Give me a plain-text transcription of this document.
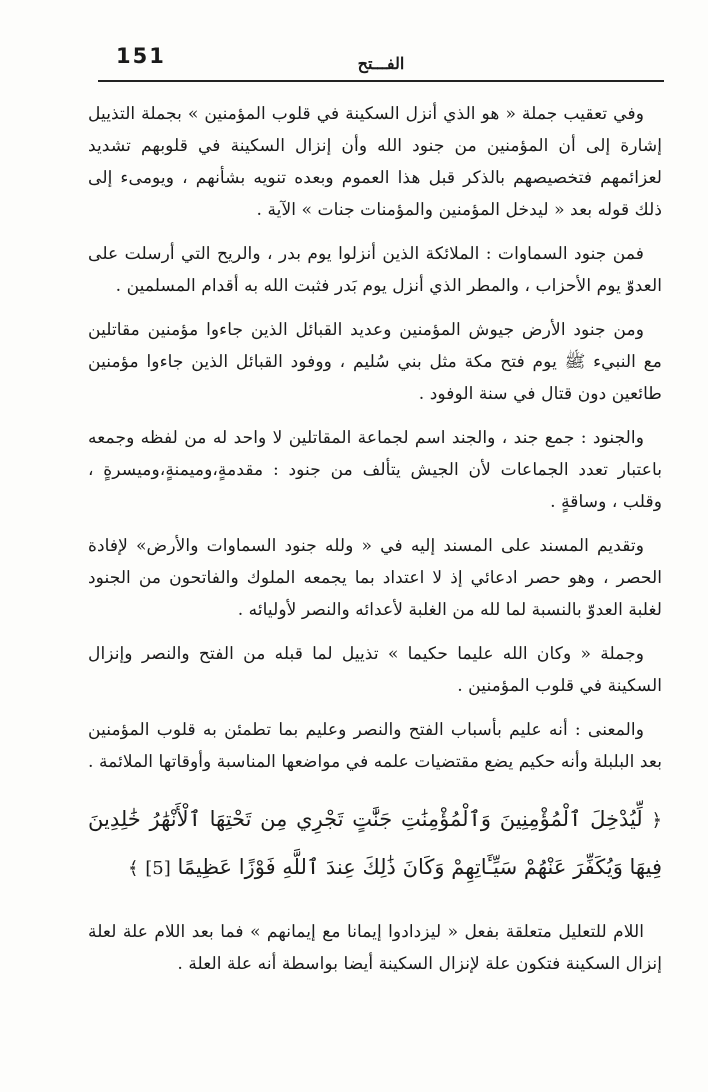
151	الفـــتح

وفي تعقيب جملة « هو الذي أنزل السكينة في قلوب المؤمنين » بجملة التذييل إشارة إلى أن المؤمنين من جنود الله وأن إنزال السكينة في قلوبهم تشديد لعزائمهم فتخصيصهم بالذكر قبل هذا العموم وبعده تنويه بشأنهم ، ويومىء إلى ذلك قوله بعد « ليدخل المؤمنين والمؤمنات جنات » الآية .

فمن جنود السماوات : الملائكة الذين أنزلوا يوم بدر ، والريح التي أرسلت على العدوّ يوم الأحزاب ، والمطر الذي أنزل يوم بَدر فثبت الله به أقدام المسلمين .

ومن جنود الأرض جيوش المؤمنين وعديد القبائل الذين جاءوا مؤمنين مقاتلين مع النبيء ﷺ يوم فتح مكة مثل بني سُليم ، ووفود القبائل الذين جاءوا مؤمنين طائعين دون قتال في سنة الوفود .

والجنود : جمع جند ، والجند اسم لجماعة المقاتلين لا واحد له من لفظه وجمعه باعتبار تعدد الجماعات لأن الجيش يتألف من جنود : مقدمةٍ،وميمنةٍ،وميسرةٍ ، وقلب ، وساقةٍ .

وتقديم المسند على المسند إليه في « ولله جنود السماوات والأرض» لإفادة الحصر ، وهو حصر ادعائي إذ لا اعتداد بما يجمعه الملوك والفاتحون من الجنود لغلبة العدوّ بالنسبة لما لله من الغلبة لأعدائه والنصر لأوليائه .

وجملة « وكان الله عليما حكيما » تذييل لما قبله من الفتح والنصر وإنزال السكينة في قلوب المؤمنين .

والمعنى : أنه عليم بأسباب الفتح والنصر وعليم بما تطمئن به قلوب المؤمنين بعد البلبلة وأنه حكيم يضع مقتضيات علمه في مواضعها المناسبة وأوقاتها الملائمة .

﴿ لِّيُدْخِلَ ٱلْمُؤْمِنِينَ وَٱلْمُؤْمِنَٰتِ جَنَّٰتٍ تَجْرِي مِن تَحْتِهَا ٱلْأَنْهَٰرُ خَٰلِدِينَ فِيهَا وَيُكَفِّرَ عَنْهُمْ سَيِّـَٔاتِهِمْ وَكَانَ ذَٰلِكَ عِندَ ٱللَّهِ فَوْزًا عَظِيمًا [5] ﴾

اللام للتعليل متعلقة بفعل « ليزدادوا إيمانا مع إيمانهم » فما بعد اللام علة لعلة إنزال السكينة فتكون علة لإنزال السكينة أيضا بواسطة أنه علة العلة .
